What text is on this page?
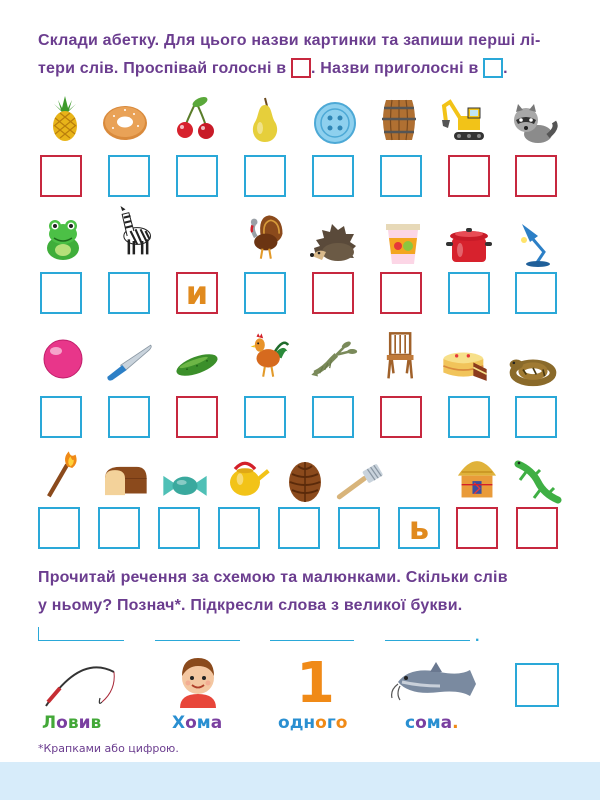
Склади абетку. Для цього назви картинки та запиши перші лі-
тери слів. Проспівай голосні в . Назви приголосні в .
и
ь
Прочитай речення за схемою та малюнками. Скільки слів
у ньому? Познач*. Підкресли слова з великої букви.
.
1
Ловив	Хома	одного	сома.
*Крапками або цифрою.
